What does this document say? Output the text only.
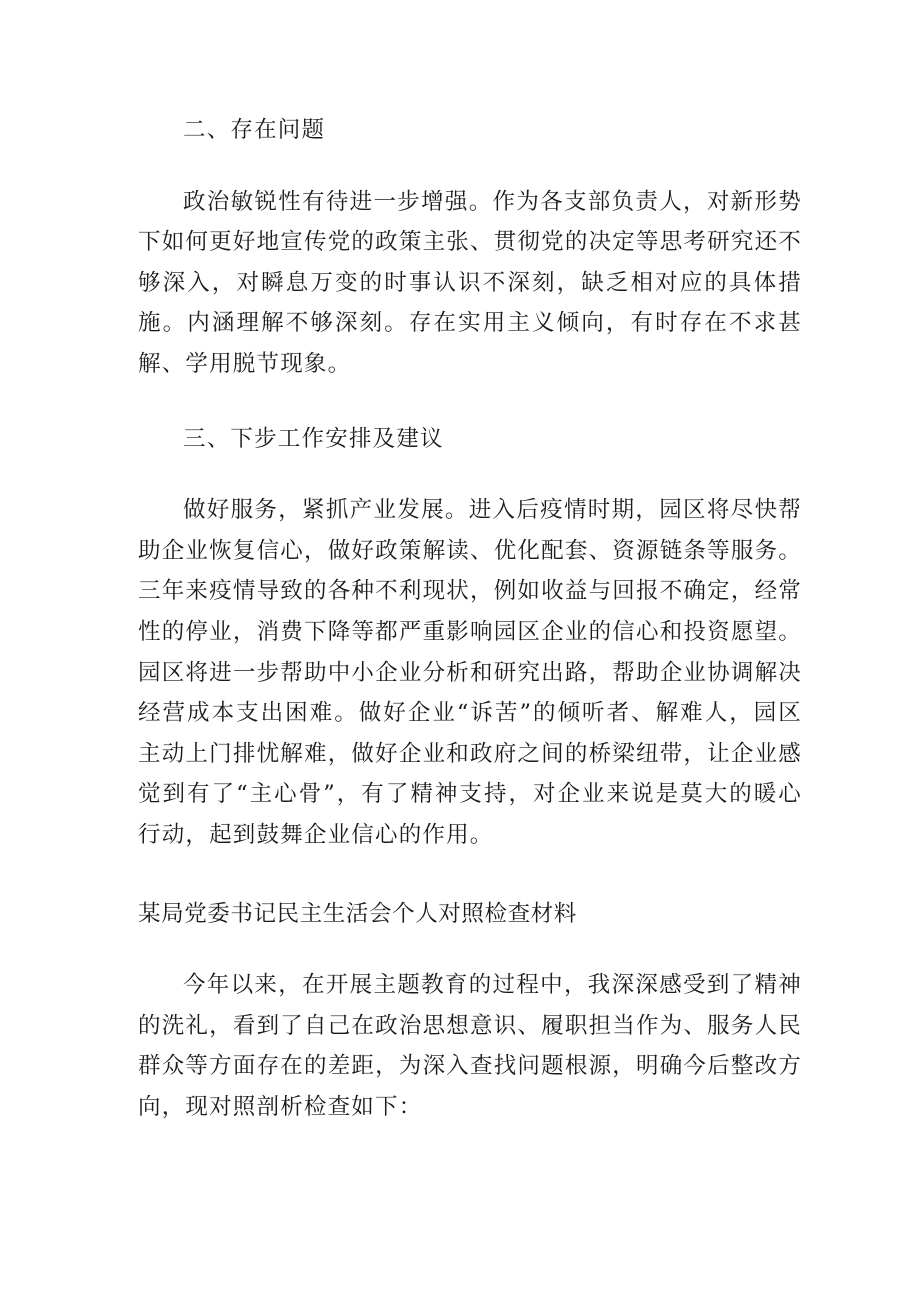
二、存在问题

政治敏锐性有待进一步增强。作为各支部负责人，对新形势下如何更好地宣传党的政策主张、贯彻党的决定等思考研究还不够深入，对瞬息万变的时事认识不深刻，缺乏相对应的具体措施。内涵理解不够深刻。存在实用主义倾向，有时存在不求甚解、学用脱节现象。

三、下步工作安排及建议

做好服务，紧抓产业发展。进入后疫情时期，园区将尽快帮助企业恢复信心，做好政策解读、优化配套、资源链条等服务。三年来疫情导致的各种不利现状，例如收益与回报不确定，经常性的停业，消费下降等都严重影响园区企业的信心和投资愿望。园区将进一步帮助中小企业分析和研究出路，帮助企业协调解决经营成本支出困难。做好企业“诉苦”的倾听者、解难人，园区主动上门排忧解难，做好企业和政府之间的桥梁纽带，让企业感觉到有了“主心骨”，有了精神支持，对企业来说是莫大的暖心行动，起到鼓舞企业信心的作用。

某局党委书记民主生活会个人对照检查材料

今年以来，在开展主题教育的过程中，我深深感受到了精神的洗礼，看到了自己在政治思想意识、履职担当作为、服务人民群众等方面存在的差距，为深入查找问题根源，明确今后整改方向，现对照剖析检查如下：
